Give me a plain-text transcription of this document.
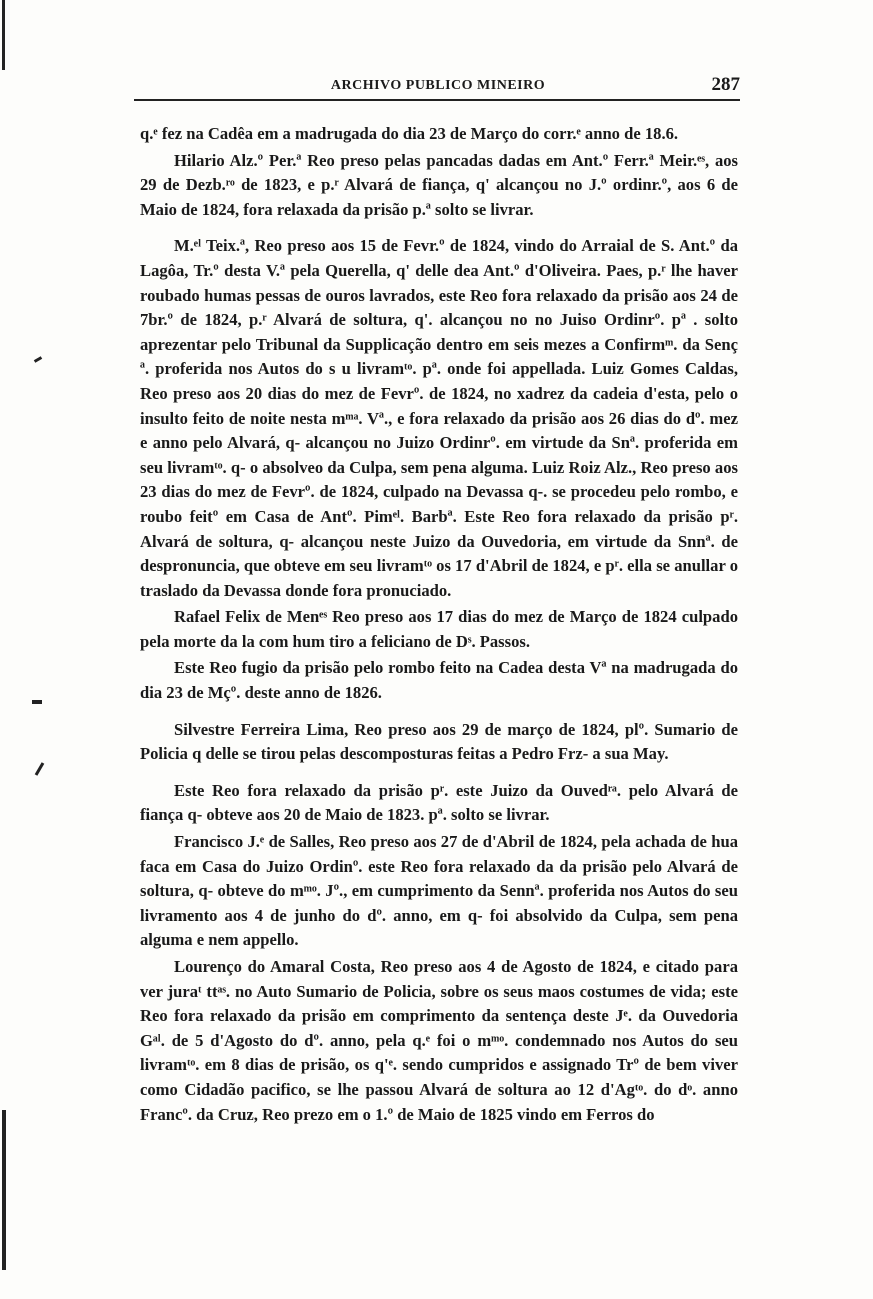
ARCHIVO PUBLICO MINEIRO	287

q.ᵉ fez na Cadêa em a madrugada do dia 23 de Março do corr.ᵉ anno de 18.6.

Hilario Alz.º Per.ª Reo preso pelas pancadas dadas em Ant.º Ferr.ª Meir.ᵉˢ, aos 29 de Dezb.ʳᵒ de 1823, e p.ʳ Alvará de fiança, q' alcançou no J.º ordinr.º, aos 6 de Maio de 1824, fora relaxada da prisão p.ª solto se livrar.

M.ᵉˡ Teix.ª, Reo preso aos 15 de Fevr.º de 1824, vindo do Arraial de S. Ant.º da Lagôa, Tr.º desta V.ª pela Querella, q' delle dea Ant.º d'Oliveira. Paes, p.ʳ lhe haver roubado humas pessas de ouros lavrados, este Reo fora relaxado da prisão aos 24 de 7br.º de 1824, p.ʳ Alvará de soltura, q'. alcançou no no Juiso Ordinrº. pª . solto aprezentar pelo Tribunal da Supplicação dentro em seis mezes a Confirmᵐ. da Senç ª. proferida nos Autos do s u livramᵗᵒ. pª. onde foi appellada. Luiz Gomes Caldas, Reo preso aos 20 dias do mez de Fevrº. de 1824, no xadrez da cadeia d'esta, pelo o insulto feito de noite nesta mᵐᵃ. Vª., e fora relaxado da prisão aos 26 dias do dº. mez e anno pelo Alvará, q- alcançou no Juizo Ordinrº. em virtude da Snª. proferida em seu livramᵗᵒ. q- o absolveo da Culpa, sem pena alguma. Luiz Roiz Alz., Reo preso aos 23 dias do mez de Fevrº. de 1824, culpado na Devassa q-. se procedeu pelo rombo, e roubo feitº em Casa de Antº. Pimᵉˡ. Barbª. Este Reo fora relaxado da prisão pʳ. Alvará de soltura, q- alcançou neste Juizo da Ouvedoria, em virtude da Snnª. de despronuncia, que obteve em seu livramᵗᵒ os 17 d'Abril de 1824, e pʳ. ella se anullar o traslado da Devassa donde fora pronuciado.

Rafael Felix de Menᵉˢ Reo preso aos 17 dias do mez de Março de 1824 culpado pela morte da la com hum tiro a feliciano de Dˢ. Passos.

Este Reo fugio da prisão pelo rombo feito na Cadea desta Vª na madrugada do dia 23 de Mçº. deste anno de 1826.

Silvestre Ferreira Lima, Reo preso aos 29 de março de 1824, plº. Sumario de Policia q delle se tirou pelas descomposturas feitas a Pedro Frz- a sua May.

Este Reo fora relaxado da prisão pʳ. este Juizo da Ouvedʳᵃ. pelo Alvará de fiança q- obteve aos 20 de Maio de 1823. pª. solto se livrar.

Francisco J.ᵉ de Salles, Reo preso aos 27 de d'Abril de 1824, pela achada de hua faca em Casa do Juizo Ordinº. este Reo fora relaxado da da prisão pelo Alvará de soltura, q- obteve do mᵐᵒ. Jº., em cumprimento da Sennª. proferida nos Autos do seu livramento aos 4 de junho do dº. anno, em q- foi absolvido da Culpa, sem pena alguma e nem appello.

Lourenço do Amaral Costa, Reo preso aos 4 de Agosto de 1824, e citado para ver juraᵗ ttᵃˢ. no Auto Sumario de Policia, sobre os seus maos costumes de vida; este Reo fora relaxado da prisão em comprimento da sentença deste Jᵉ. da Ouvedoria Gᵃˡ. de 5 d'Agosto do dº. anno, pela q.ᵉ foi o mᵐᵒ. condemnado nos Autos do seu livramᵗᵒ. em 8 dias de prisão, os q'ᵉ. sendo cumpridos e assignado Trº de bem viver como Cidadão pacifico, se lhe passou Alvará de soltura ao 12 d'Agᵗᵒ. do dᵒ. anno Francº. da Cruz, Reo prezo em o 1.º de Maio de 1825 vindo em Ferros do
